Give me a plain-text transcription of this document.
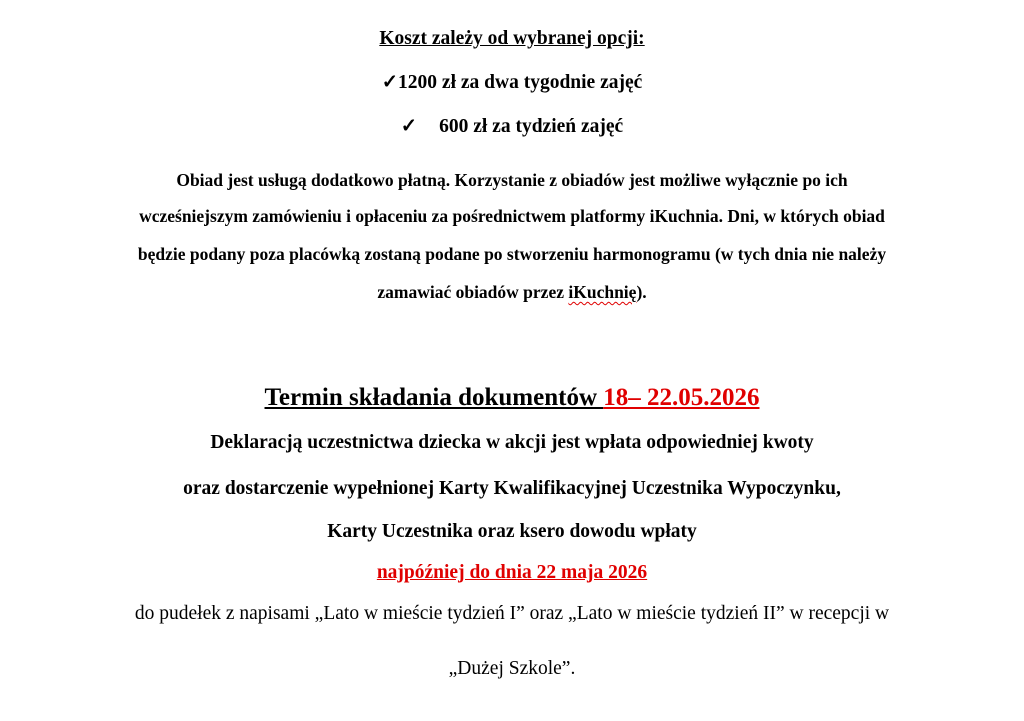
Koszt zależy od wybranej opcji:
✓1200 zł za dwa tygodnie zajęć
✓ 600 zł za tydzień zajęć
Obiad jest usługą dodatkowo płatną. Korzystanie z obiadów jest możliwe wyłącznie po ich
wcześniejszym zamówieniu i opłaceniu za pośrednictwem platformy iKuchnia. Dni, w których obiad
będzie podany poza placówką zostaną podane po stworzeniu harmonogramu (w tych dnia nie należy
zamawiać obiadów przez iKuchnię).
Termin składania dokumentów 18– 22.05.2026
Deklaracją uczestnictwa dziecka w akcji jest wpłata odpowiedniej kwoty
oraz dostarczenie wypełnionej Karty Kwalifikacyjnej Uczestnika Wypoczynku,
Karty Uczestnika oraz ksero dowodu wpłaty
najpóźniej do dnia 22 maja 2026
do pudełek z napisami „Lato w mieście tydzień I” oraz „Lato w mieście tydzień II” w recepcji w
„Dużej Szkole”.
